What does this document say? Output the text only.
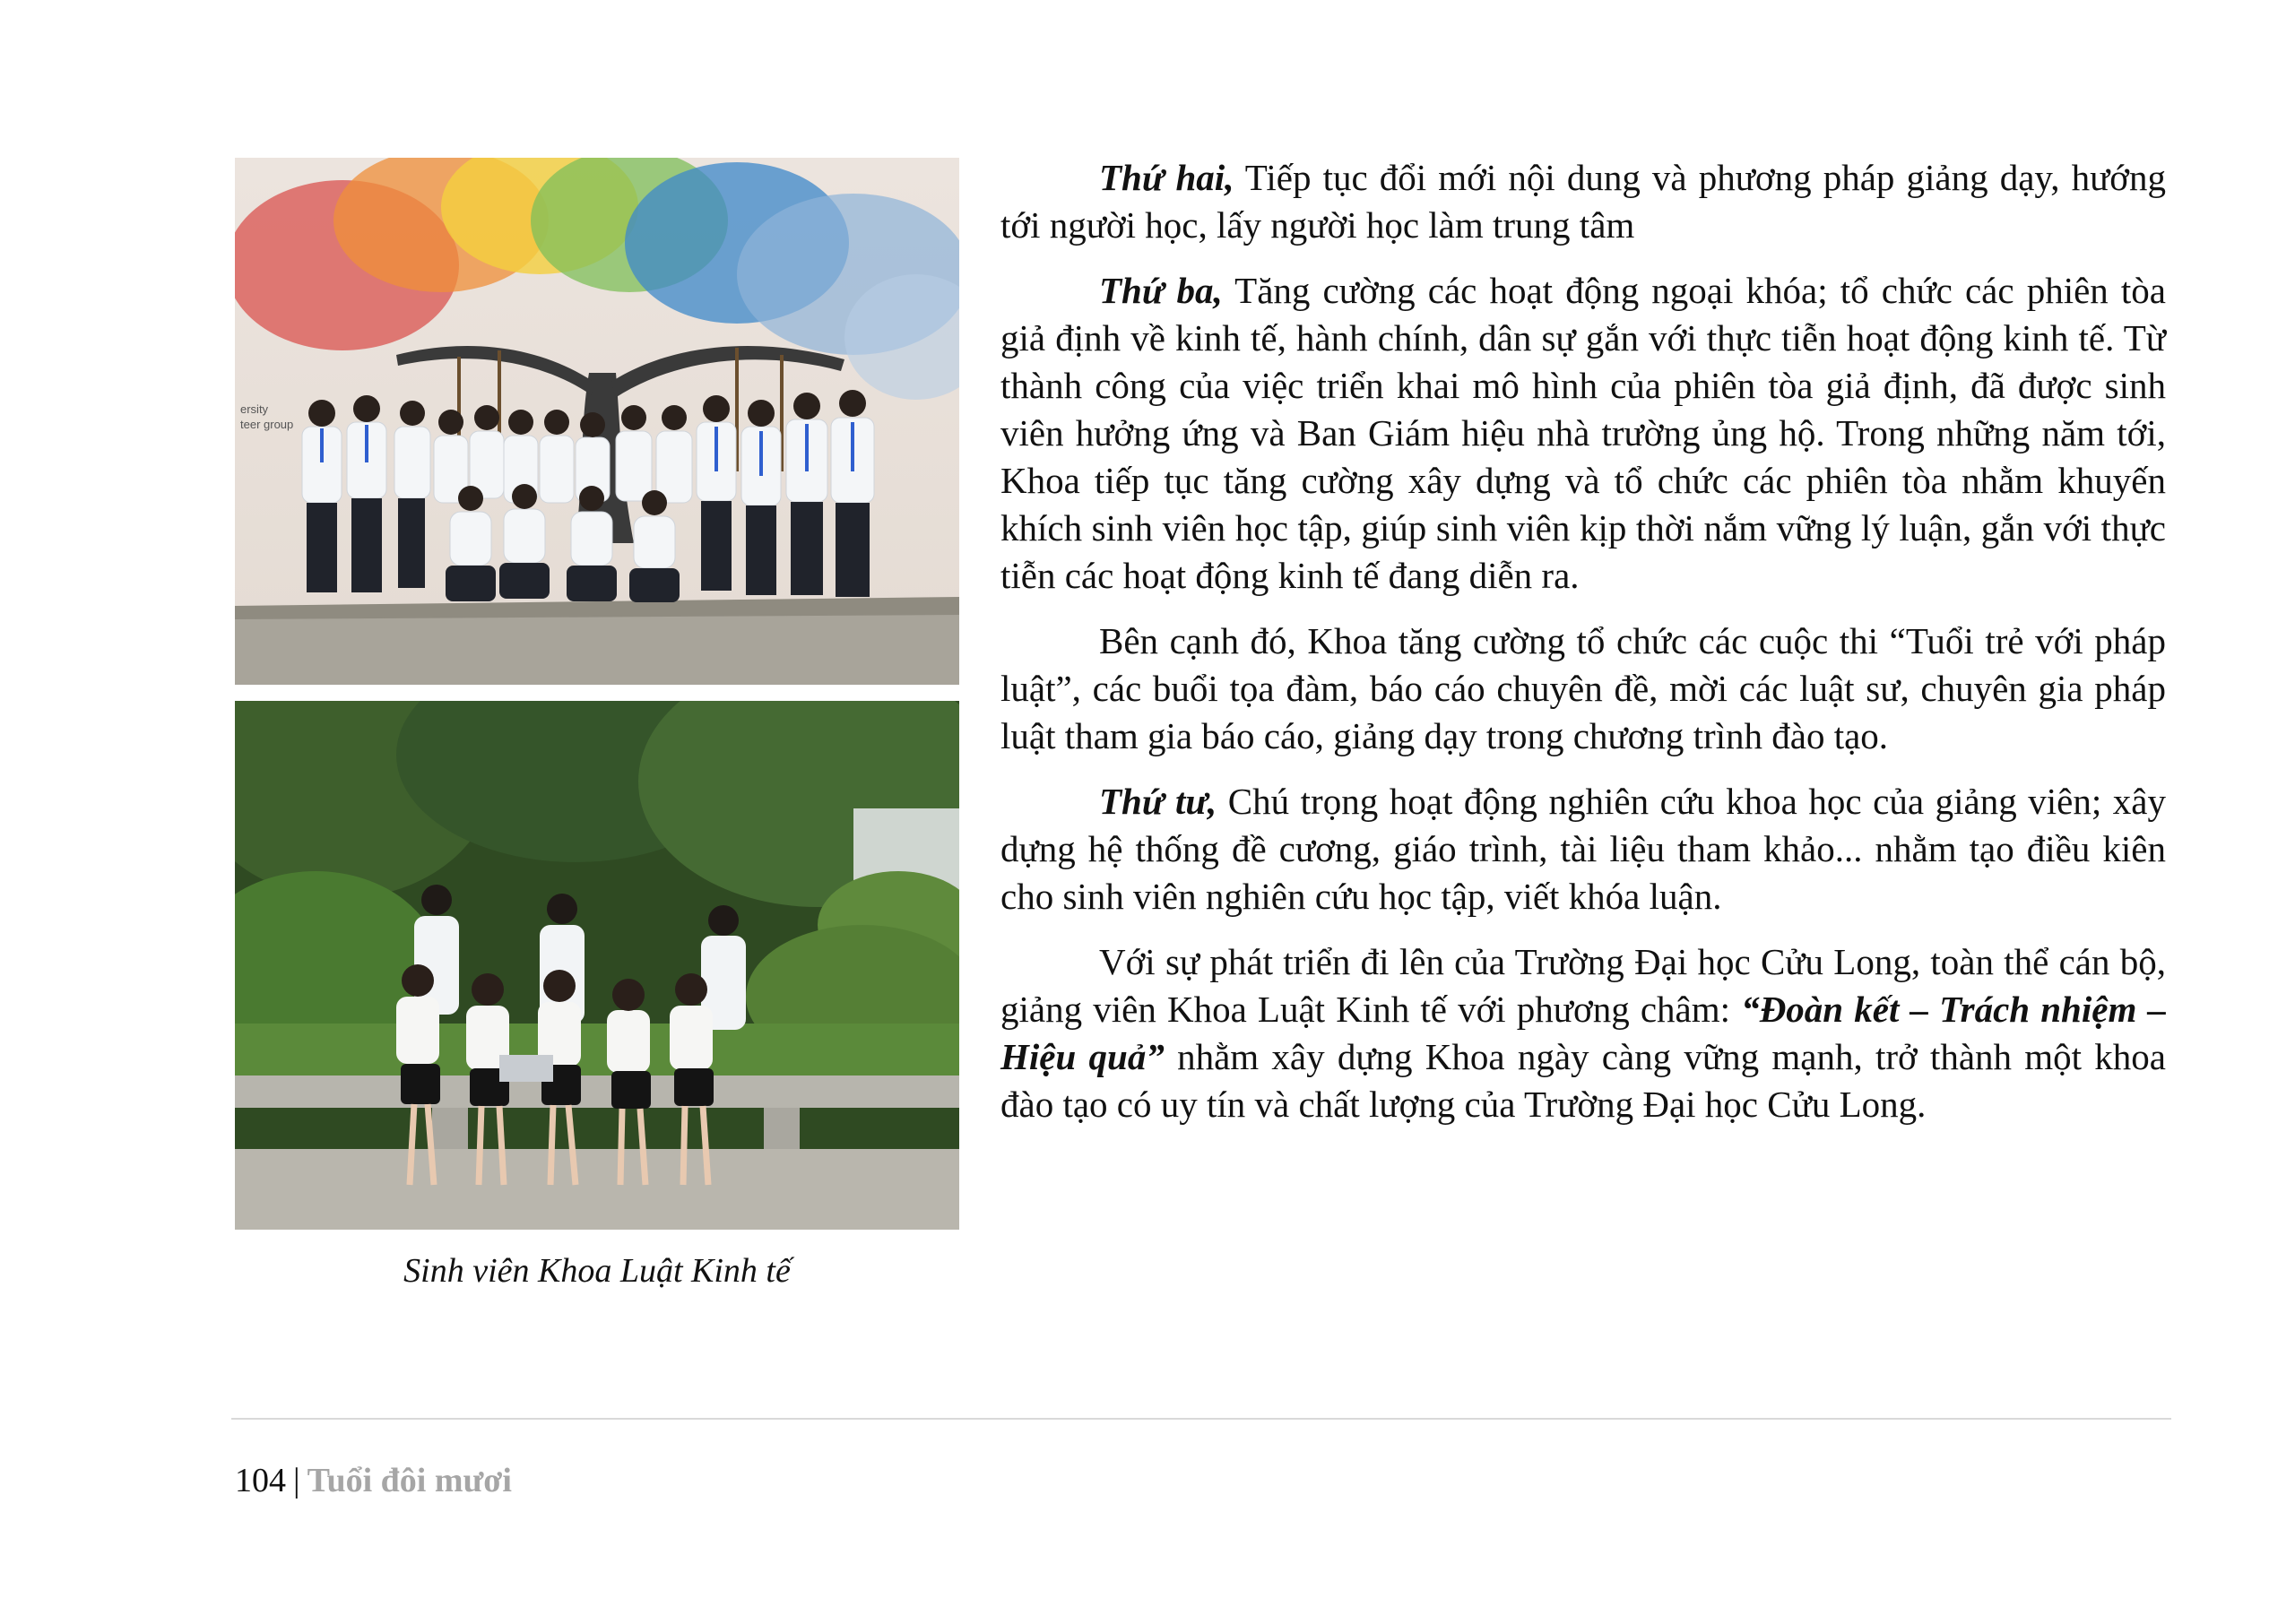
ersity
teer group
Sinh viên Khoa Luật Kinh tế

Thứ hai, Tiếp tục đổi mới nội dung và phương pháp giảng dạy, hướng tới người học, lấy người học làm trung tâm

Thứ ba, Tăng cường các hoạt động ngoại khóa; tổ chức các phiên tòa giả định về kinh tế, hành chính, dân sự gắn với thực tiễn hoạt động kinh tế. Từ thành công của việc triển khai mô hình của phiên tòa giả định, đã được sinh viên hưởng ứng và Ban Giám hiệu nhà trường ủng hộ. Trong những năm tới, Khoa tiếp tục tăng cường xây dựng và tổ chức các phiên tòa nhằm khuyến khích sinh viên học tập, giúp sinh viên kịp thời nắm vững lý luận, gắn với thực tiễn các hoạt động kinh tế đang diễn ra.

Bên cạnh đó, Khoa tăng cường tổ chức các cuộc thi “Tuổi trẻ với pháp luật”, các buổi tọa đàm, báo cáo chuyên đề, mời các luật sư, chuyên gia pháp luật tham gia báo cáo, giảng dạy trong chương trình đào tạo.

Thứ tư, Chú trọng hoạt động nghiên cứu khoa học của giảng viên; xây dựng hệ thống đề cương, giáo trình, tài liệu tham khảo... nhằm tạo điều kiên cho sinh viên nghiên cứu học tập, viết khóa luận.

Với sự phát triển đi lên của Trường Đại học Cửu Long, toàn thể cán bộ, giảng viên Khoa Luật Kinh tế với phương châm: “Đoàn kết – Trách nhiệm – Hiệu quả” nhằm xây dựng Khoa ngày càng vững mạnh, trở thành một khoa đào tạo có uy tín và chất lượng của Trường Đại học Cửu Long.

104 | Tuổi đôi mươi
